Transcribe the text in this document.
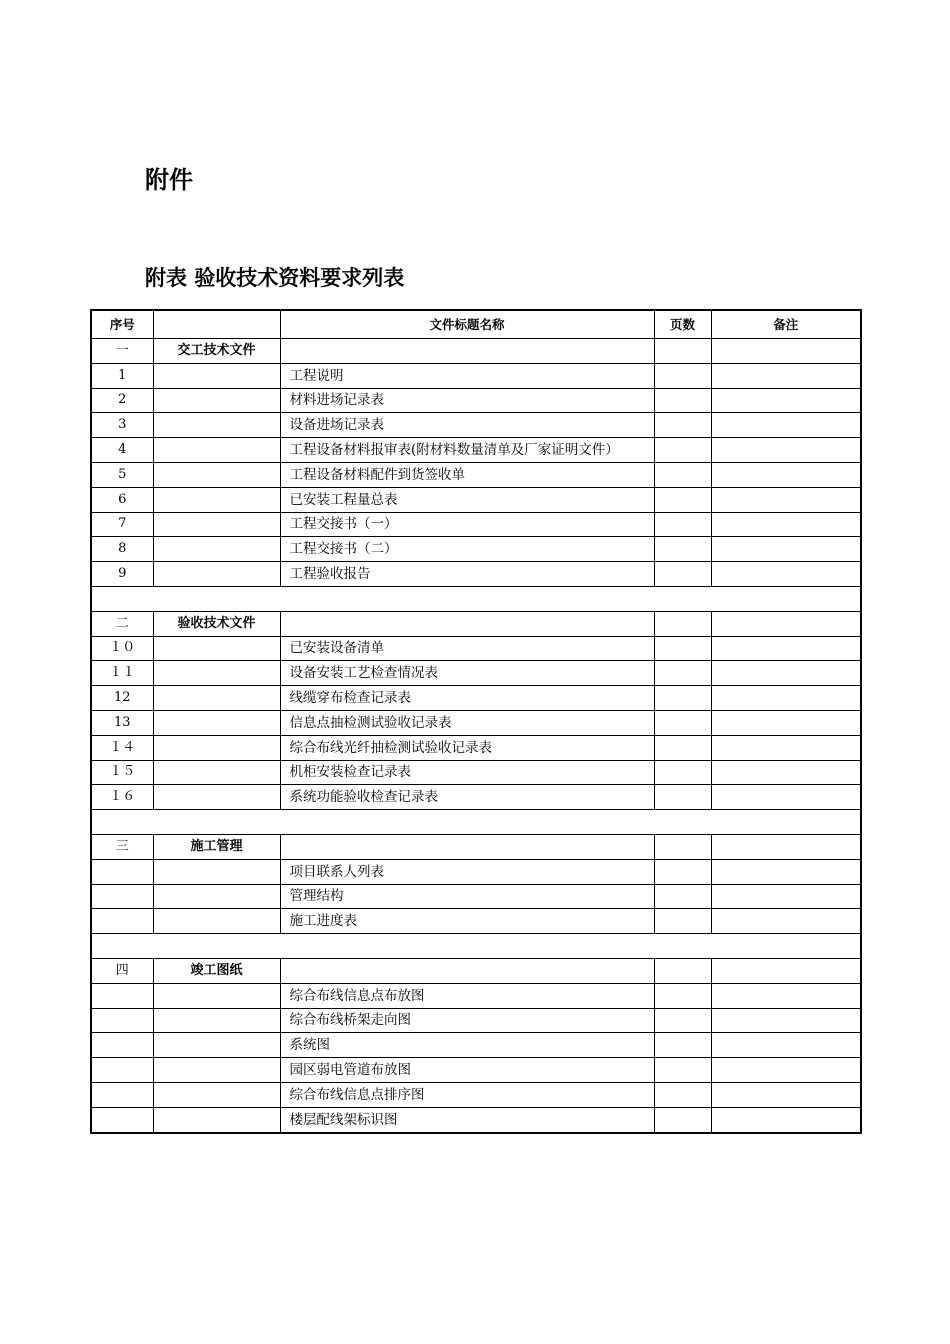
附件
附表 验收技术资料要求列表
序号		文件标题名称	页数	备注
一	交工技术文件			
1		工程说明		
2		材料进场记录表		
3		设备进场记录表		
4		工程设备材料报审表(附材料数量清单及厂家证明文件）		
5		工程设备材料配件到货签收单		
6		已安装工程量总表		
7		工程交接书（一）		
8		工程交接书（二）		
9		工程验收报告		

二	验收技术文件			
１０		已安装设备清单		
１１		设备安装工艺检查情况表		
12		线缆穿布检查记录表		
13		信息点抽检测试验收记录表		
１４		综合布线光纤抽检测试验收记录表		
１５		机柜安装检查记录表		
１６		系统功能验收检查记录表		

三	施工管理			
		项目联系人列表		
		管理结构		
		施工进度表		

四	竣工图纸			
		综合布线信息点布放图		
		综合布线桥架走向图		
		系统图		
		园区弱电管道布放图		
		综合布线信息点排序图		
		楼层配线架标识图		
